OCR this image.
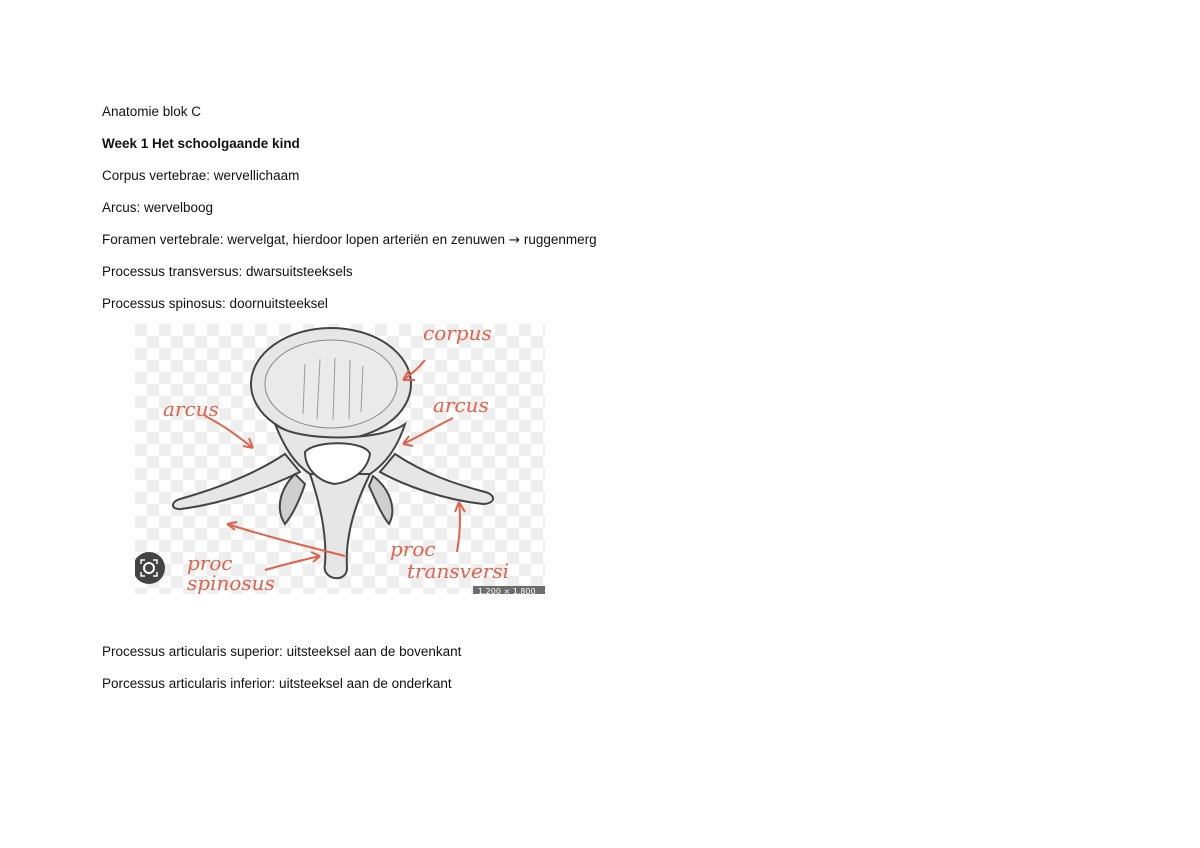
Anatomie blok C
Week 1 Het schoolgaande kind
Corpus vertebrae: wervellichaam
Arcus: wervelboog
Foramen vertebrale: wervelgat, hierdoor lopen arteriën en zenuwen → ruggenmerg
Processus transversus: dwarsuitsteeksels
Processus spinosus: doornuitsteeksel
corpus
arcus	arcus
proc
spinosus
proc
transversi
1,200 × 1,800
Processus articularis superior: uitsteeksel aan de bovenkant
Porcessus articularis inferior: uitsteeksel aan de onderkant
